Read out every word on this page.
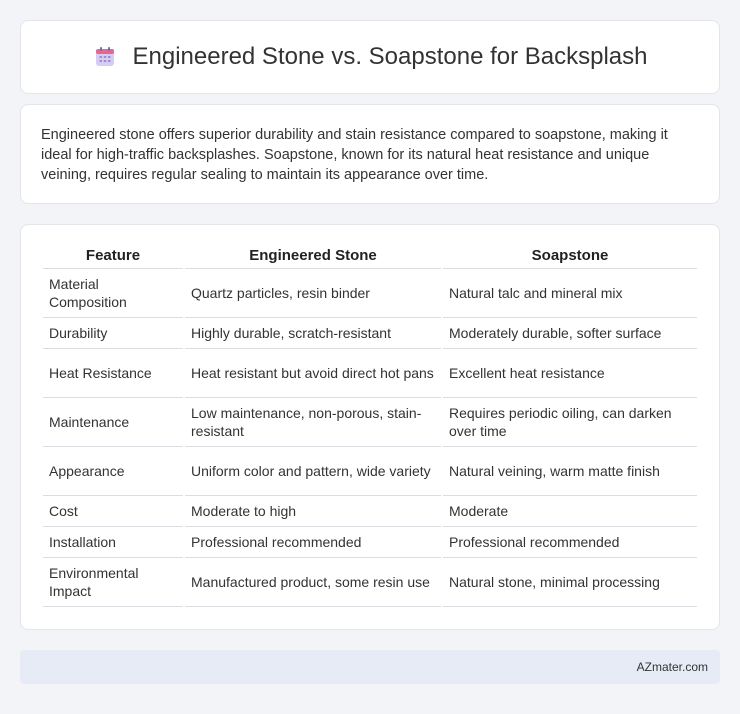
Engineered Stone vs. Soapstone for Backsplash

Engineered stone offers superior durability and stain resistance compared to soapstone, making it ideal for high-traffic backsplashes. Soapstone, known for its natural heat resistance and unique veining, requires regular sealing to maintain its appearance over time.

Feature	Engineered Stone	Soapstone
Material Composition	Quartz particles, resin binder	Natural talc and mineral mix
Durability	Highly durable, scratch-resistant	Moderately durable, softer surface
Heat Resistance	Heat resistant but avoid direct hot pans	Excellent heat resistance
Maintenance	Low maintenance, non-porous, stain-resistant	Requires periodic oiling, can darken over time
Appearance	Uniform color and pattern, wide variety	Natural veining, warm matte finish
Cost	Moderate to high	Moderate
Installation	Professional recommended	Professional recommended
Environmental Impact	Manufactured product, some resin use	Natural stone, minimal processing
AZmater.com
